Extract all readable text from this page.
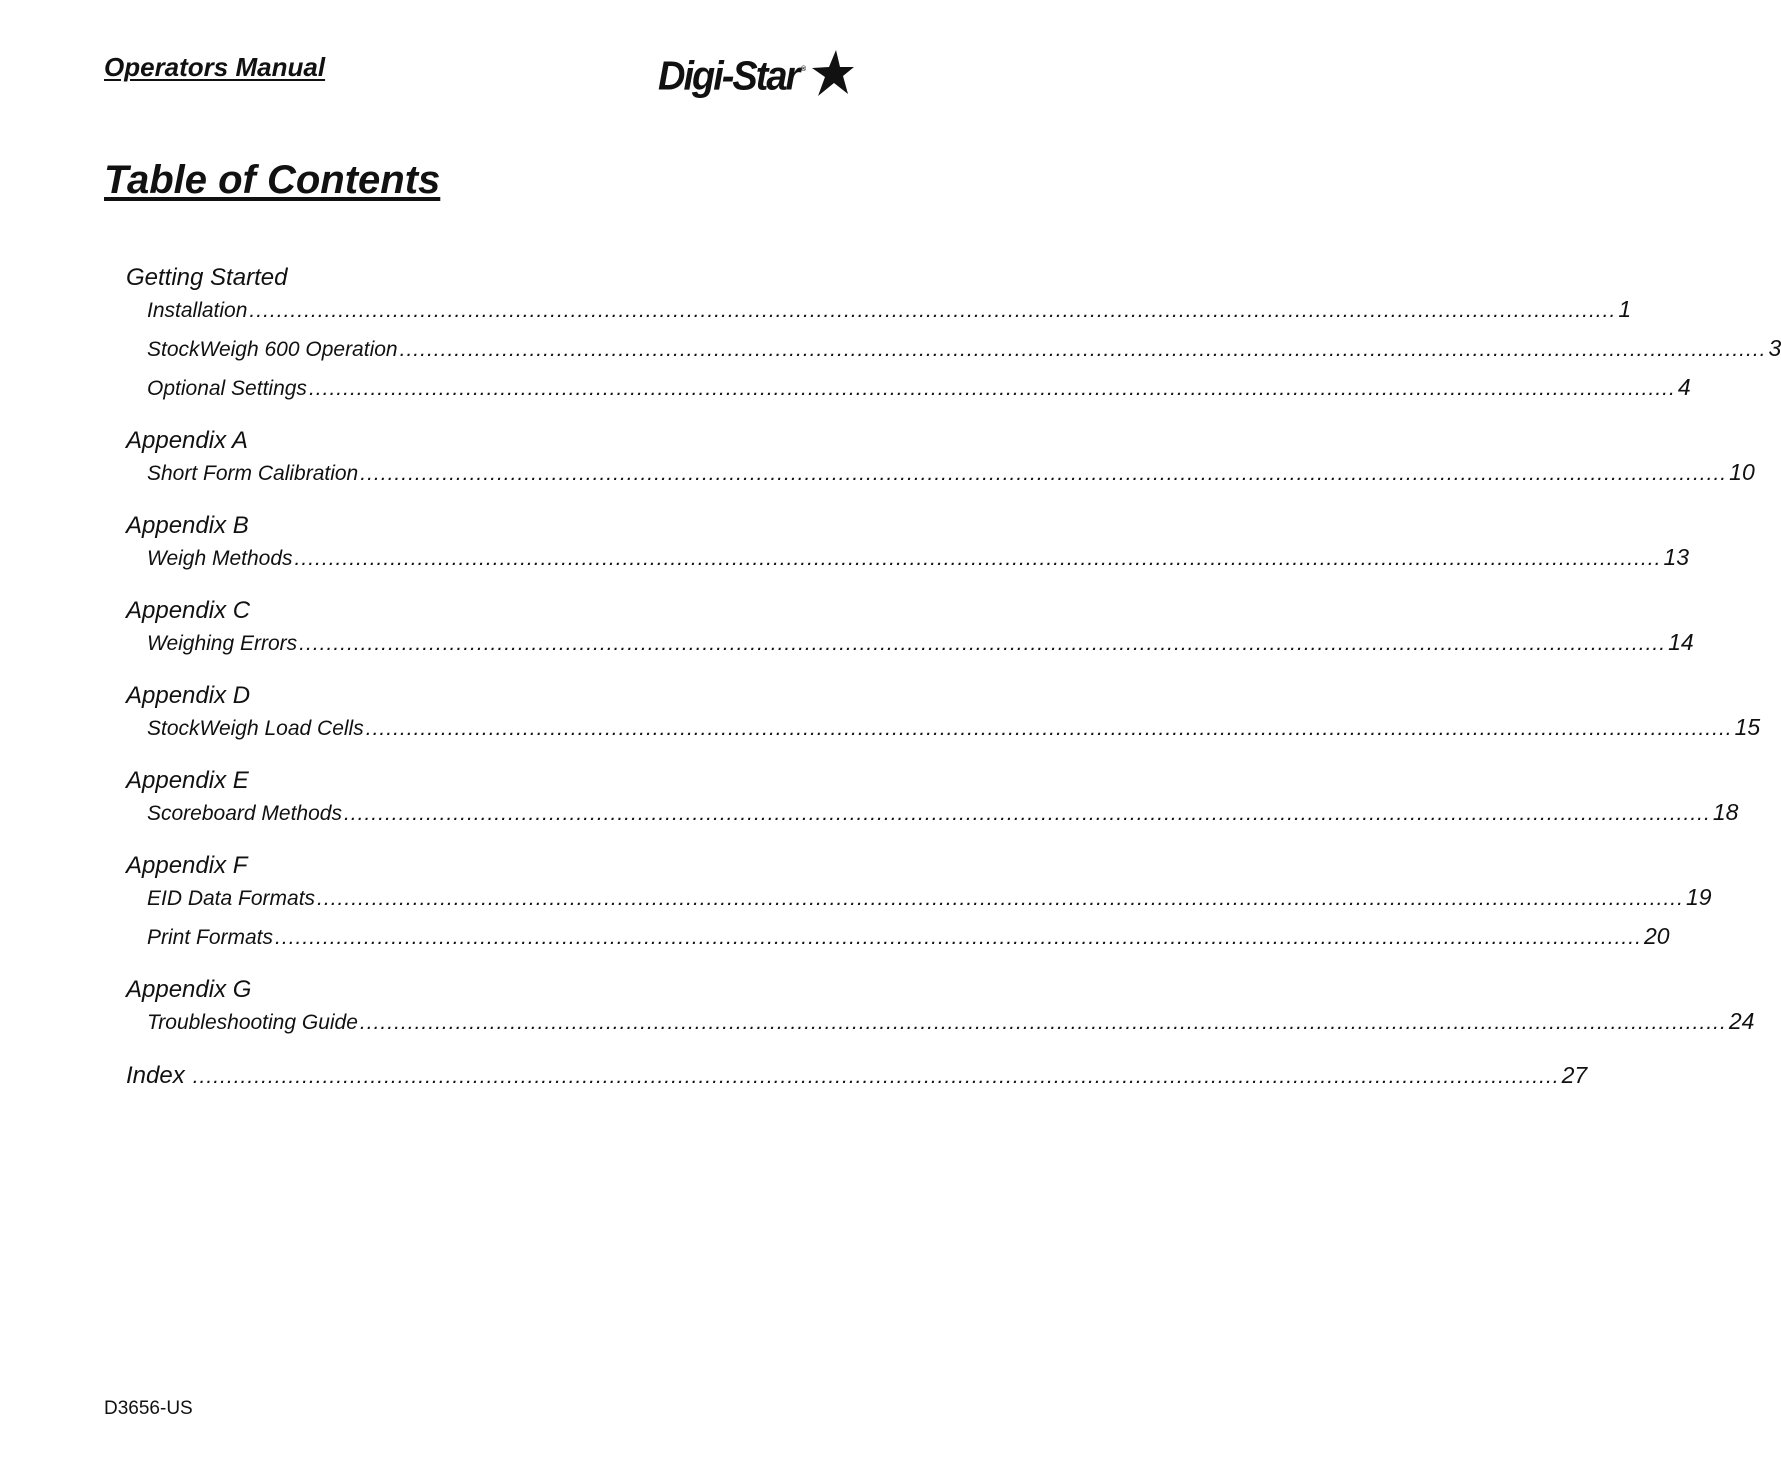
Operators Manual	Digi-Star ®
Table of Contents
Getting Started
Installation ........................................................................................................................................................................................................ 1
StockWeigh 600 Operation ........................................................................................................................................................................................................ 3
Optional Settings ........................................................................................................................................................................................................ 4
Appendix A
Short Form Calibration ........................................................................................................................................................................................................ 10
Appendix B
Weigh Methods ........................................................................................................................................................................................................ 13
Appendix C
Weighing Errors ........................................................................................................................................................................................................ 14
Appendix D
StockWeigh Load Cells ........................................................................................................................................................................................................ 15
Appendix E
Scoreboard Methods ........................................................................................................................................................................................................ 18
Appendix F
EID Data Formats ........................................................................................................................................................................................................ 19
Print Formats ........................................................................................................................................................................................................ 20
Appendix G
Troubleshooting Guide ........................................................................................................................................................................................................ 24
Index ........................................................................................................................................................................................................ 27
D3656-US
